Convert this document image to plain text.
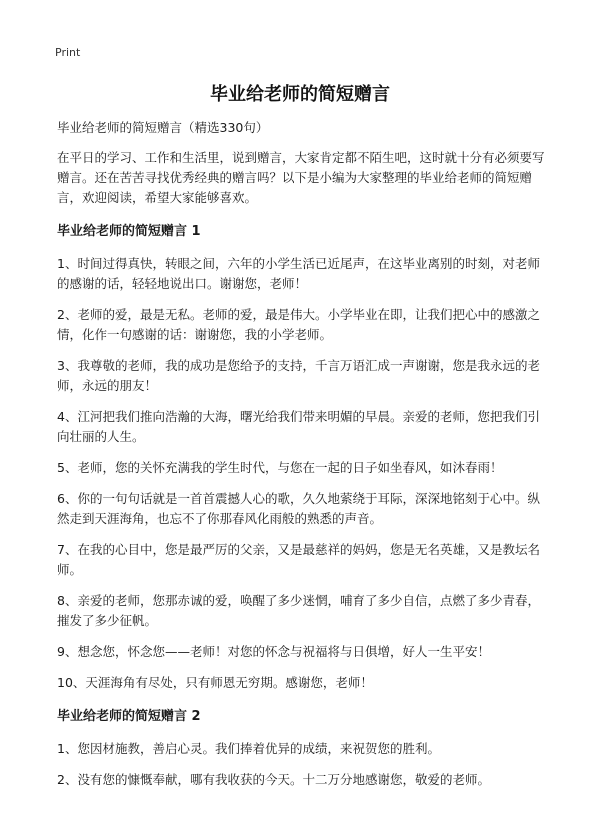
Print
毕业给老师的简短赠言

毕业给老师的简短赠言（精选330句）

在平日的学习、工作和生活里，说到赠言，大家肯定都不陌生吧，这时就十分有必须要写赠言。还在苦苦寻找优秀经典的赠言吗？以下是小编为大家整理的毕业给老师的简短赠言，欢迎阅读，希望大家能够喜欢。

毕业给老师的简短赠言 1

1、时间过得真快，转眼之间，六年的小学生活已近尾声，在这毕业离别的时刻，对老师的感谢的话，轻轻地说出口。谢谢您，老师！

2、老师的爱，最是无私。老师的爱，最是伟大。小学毕业在即，让我们把心中的感激之情，化作一句感谢的话：谢谢您，我的小学老师。

3、我尊敬的老师，我的成功是您给予的支持，千言万语汇成一声谢谢，您是我永远的老师，永远的朋友！

4、江河把我们推向浩瀚的大海，曙光给我们带来明媚的早晨。亲爱的老师，您把我们引向壮丽的人生。

5、老师，您的关怀充满我的学生时代，与您在一起的日子如坐春风，如沐春雨！

6、你的一句句话就是一首首震撼人心的歌，久久地萦绕于耳际，深深地铭刻于心中。纵然走到天涯海角，也忘不了你那春风化雨般的熟悉的声音。

7、在我的心目中，您是最严厉的父亲，又是最慈祥的妈妈，您是无名英雄，又是教坛名师。

8、亲爱的老师，您那赤诚的爱，唤醒了多少迷惘，哺育了多少自信，点燃了多少青春，摧发了多少征帆。

9、想念您，怀念您——老师！对您的怀念与祝福将与日俱增，好人一生平安！

10、天涯海角有尽处，只有师恩无穷期。感谢您，老师！

毕业给老师的简短赠言 2

1、您因材施教，善启心灵。我们捧着优异的成绩，来祝贺您的胜利。

2、没有您的慷慨奉献，哪有我收获的今天。十二万分地感谢您，敬爱的老师。
